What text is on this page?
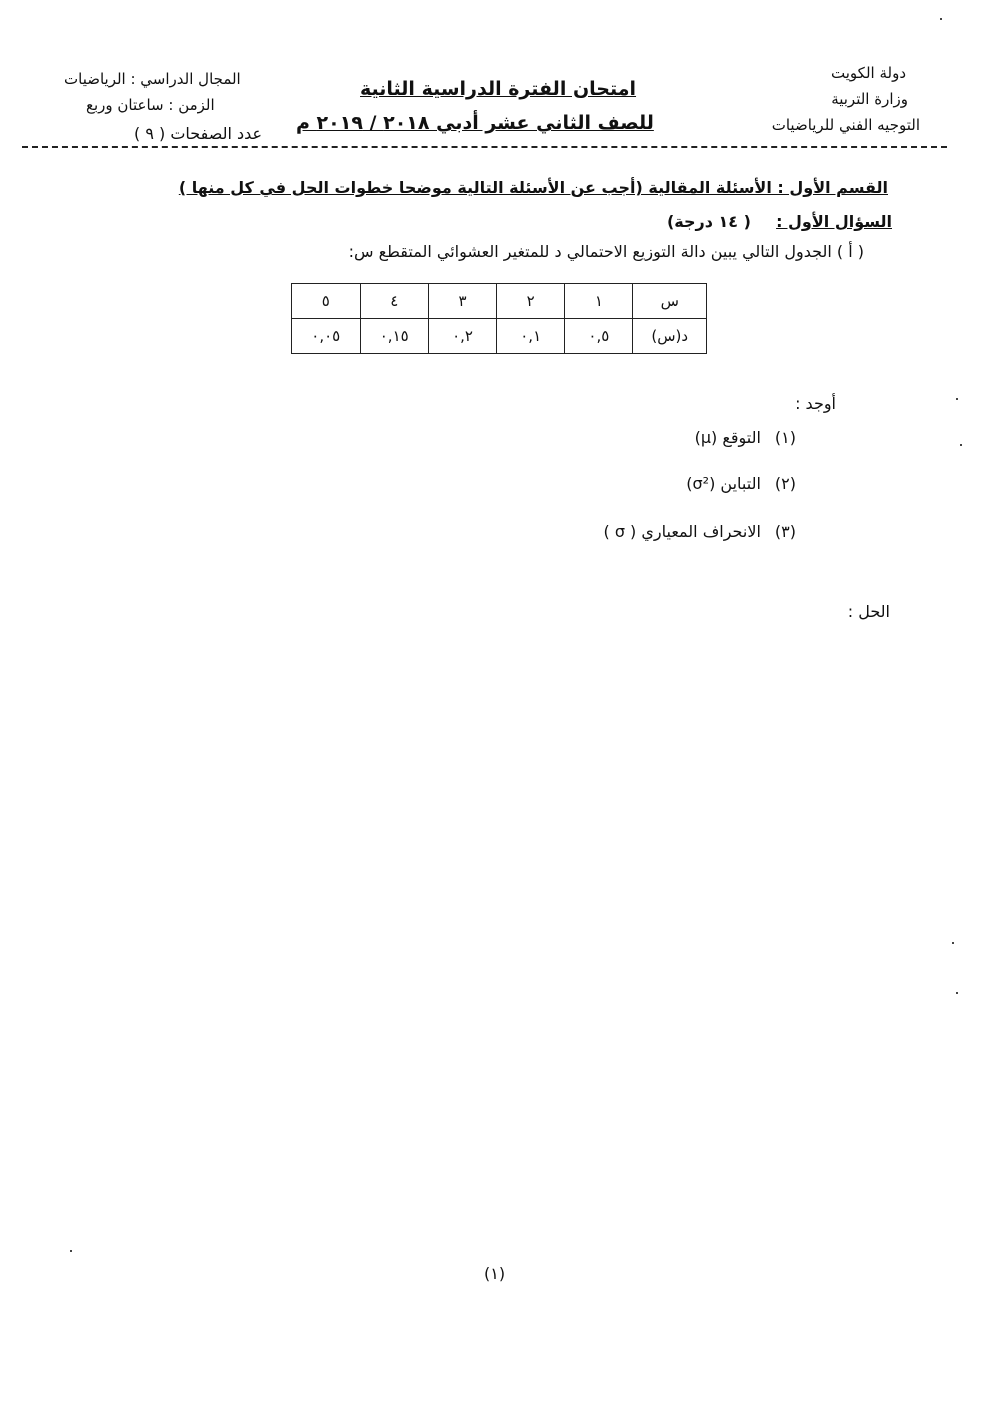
دولة الكويت
وزارة التربية
التوجيه الفني للرياضيات
امتحان الفترة الدراسية الثانية
للصف الثاني عشر أدبي ٢٠١٨ / ٢٠١٩ م
المجال الدراسي : الرياضيات
الزمن : ساعتان وربع
عدد الصفحات ( ٩ )
القسم الأول : الأسئلة المقالية (أجب عن الأسئلة التالية موضحا خطوات الحل في كل منها )
السؤال الأول :  ( ١٤ درجة)
( أ ) الجدول التالي يبين دالة التوزيع الاحتمالي د للمتغير العشوائي المتقطع س:
س	١	٢	٣	٤	٥
د(س)	٠,٥	٠,١	٠,٢	٠,١٥	٠,٠٥
أوجد :
(١)التوقع (μ)
(٢)التباين (σ²)
(٣)الانحراف المعياري ( σ )
الحل :
(١)
